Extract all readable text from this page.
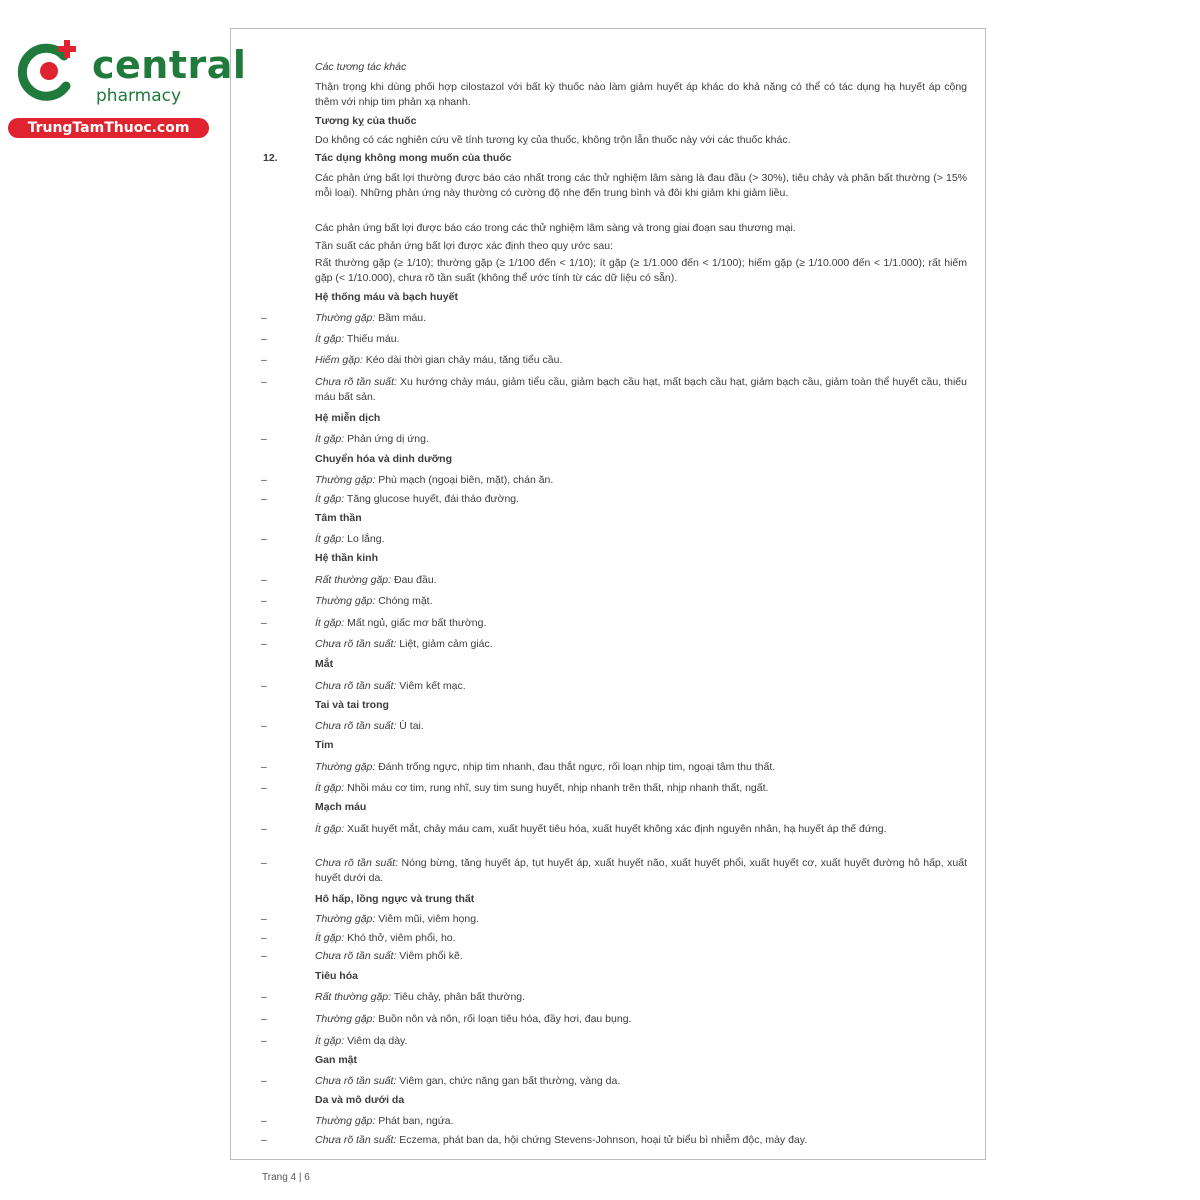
central
pharmacy
TrungTamThuoc.com
Các tương tác khác
Thận trọng khi dùng phối hợp cilostazol với bất kỳ thuốc nào làm giảm huyết áp khác do khả năng có thể có tác dụng hạ huyết áp cộng thêm với nhịp tim phản xạ nhanh.
Tương kỵ của thuốc
Do không có các nghiên cứu về tính tương kỵ của thuốc, không trộn lẫn thuốc này với các thuốc khác.
12.	Tác dụng không mong muốn của thuốc
Các phản ứng bất lợi thường được báo cáo nhất trong các thử nghiệm lâm sàng là đau đầu (> 30%), tiêu chảy và phân bất thường (> 15% mỗi loại). Những phản ứng này thường có cường độ nhẹ đến trung bình và đôi khi giảm khi giảm liều.
Các phản ứng bất lợi được báo cáo trong các thử nghiệm lâm sàng và trong giai đoạn sau thương mại.
Tần suất các phản ứng bất lợi được xác định theo quy ước sau:
Rất thường gặp (≥ 1/10); thường gặp (≥ 1/100 đến < 1/10); ít gặp (≥ 1/1.000 đến < 1/100); hiếm gặp (≥ 1/10.000 đến < 1/1.000); rất hiếm gặp (< 1/10.000), chưa rõ tần suất (không thể ước tính từ các dữ liệu có sẵn).
Hệ thống máu và bạch huyết
–	Thường gặp: Bầm máu.
–	Ít gặp: Thiếu máu.
–	Hiếm gặp: Kéo dài thời gian chảy máu, tăng tiểu cầu.
–	Chưa rõ tần suất: Xu hướng chảy máu, giảm tiểu cầu, giảm bạch cầu hạt, mất bạch cầu hạt, giảm bạch cầu, giảm toàn thể huyết cầu, thiếu máu bất sản.
Hệ miễn dịch
–	Ít gặp: Phản ứng dị ứng.
Chuyển hóa và dinh dưỡng
–	Thường gặp: Phù mạch (ngoại biên, mặt), chán ăn.
–	Ít gặp: Tăng glucose huyết, đái tháo đường.
Tâm thần
–	Ít gặp: Lo lắng.
Hệ thần kinh
–	Rất thường gặp: Đau đầu.
–	Thường gặp: Chóng mặt.
–	Ít gặp: Mất ngủ, giấc mơ bất thường.
–	Chưa rõ tần suất: Liệt, giảm cảm giác.
Mắt
–	Chưa rõ tần suất: Viêm kết mạc.
Tai và tai trong
–	Chưa rõ tần suất: Ù tai.
Tim
–	Thường gặp: Đánh trống ngực, nhịp tim nhanh, đau thắt ngực, rối loạn nhịp tim, ngoại tâm thu thất.
–	Ít gặp: Nhồi máu cơ tim, rung nhĩ, suy tim sung huyết, nhịp nhanh trên thất, nhịp nhanh thất, ngất.
Mạch máu
–	Ít gặp: Xuất huyết mắt, chảy máu cam, xuất huyết tiêu hóa, xuất huyết không xác định nguyên nhân, hạ huyết áp thế đứng.
–	Chưa rõ tần suất: Nóng bừng, tăng huyết áp, tụt huyết áp, xuất huyết não, xuất huyết phổi, xuất huyết cơ, xuất huyết đường hô hấp, xuất huyết dưới da.
Hô hấp, lồng ngực và trung thất
–	Thường gặp: Viêm mũi, viêm họng.
–	Ít gặp: Khó thở, viêm phổi, ho.
–	Chưa rõ tần suất: Viêm phổi kẽ.
Tiêu hóa
–	Rất thường gặp: Tiêu chảy, phân bất thường.
–	Thường gặp: Buồn nôn và nôn, rối loạn tiêu hóa, đầy hơi, đau bụng.
–	Ít gặp: Viêm dạ dày.
Gan mật
–	Chưa rõ tần suất: Viêm gan, chức năng gan bất thường, vàng da.
Da và mô dưới da
–	Thường gặp: Phát ban, ngứa.
–	Chưa rõ tần suất: Eczema, phát ban da, hội chứng Stevens-Johnson, hoại tử biểu bì nhiễm độc, mày đay.
Trang 4 | 6
